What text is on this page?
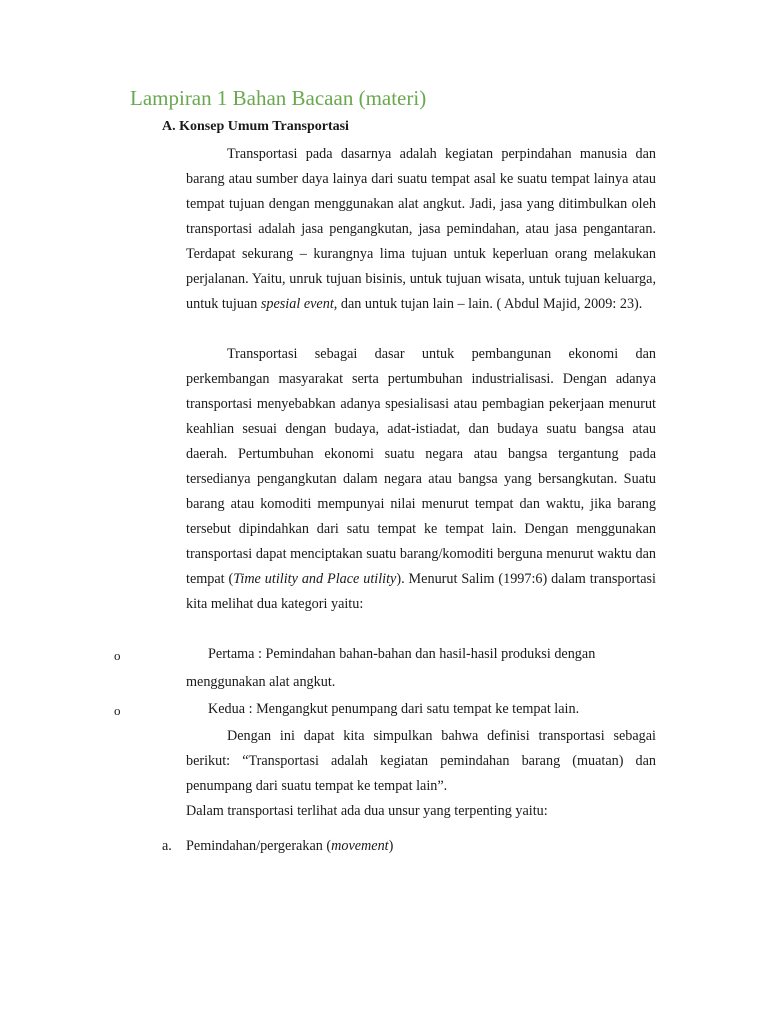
Lampiran 1 Bahan Bacaan (materi)
A. Konsep Umum Transportasi

Transportasi pada dasarnya adalah kegiatan perpindahan manusia dan barang atau sumber daya lainya dari suatu tempat asal ke suatu tempat lainya atau tempat tujuan dengan menggunakan alat angkut. Jadi, jasa yang ditimbulkan oleh transportasi adalah jasa pengangkutan, jasa pemindahan, atau jasa pengantaran. Terdapat sekurang – kurangnya lima tujuan untuk keperluan orang melakukan perjalanan. Yaitu, unruk tujuan bisinis, untuk tujuan wisata, untuk tujuan keluarga, untuk tujuan spesial event, dan untuk tujan lain – lain. ( Abdul Majid, 2009: 23).

Transportasi sebagai dasar untuk pembangunan ekonomi dan perkembangan masyarakat serta pertumbuhan industrialisasi. Dengan adanya transportasi menyebabkan adanya spesialisasi atau pembagian pekerjaan menurut keahlian sesuai dengan budaya, adat-istiadat, dan budaya suatu bangsa atau daerah. Pertumbuhan ekonomi suatu negara atau bangsa tergantung pada tersedianya pengangkutan dalam negara atau bangsa yang bersangkutan. Suatu barang atau komoditi mempunyai nilai menurut tempat dan waktu, jika barang tersebut dipindahkan dari satu tempat ke tempat lain. Dengan menggunakan transportasi dapat menciptakan suatu barang/komoditi berguna menurut waktu dan tempat (Time utility and Place utility). Menurut Salim (1997:6) dalam transportasi kita melihat dua kategori yaitu:

o	Pertama : Pemindahan bahan-bahan dan hasil-hasil produksi dengan
menggunakan alat angkut.
o	Kedua : Mengangkut penumpang dari satu tempat ke tempat lain.

Dengan ini dapat kita simpulkan bahwa definisi transportasi sebagai berikut: “Transportasi adalah kegiatan pemindahan barang (muatan) dan penumpang dari suatu tempat ke tempat lain”.

Dalam transportasi terlihat ada dua unsur yang terpenting yaitu:
a. Pemindahan/pergerakan (movement)
